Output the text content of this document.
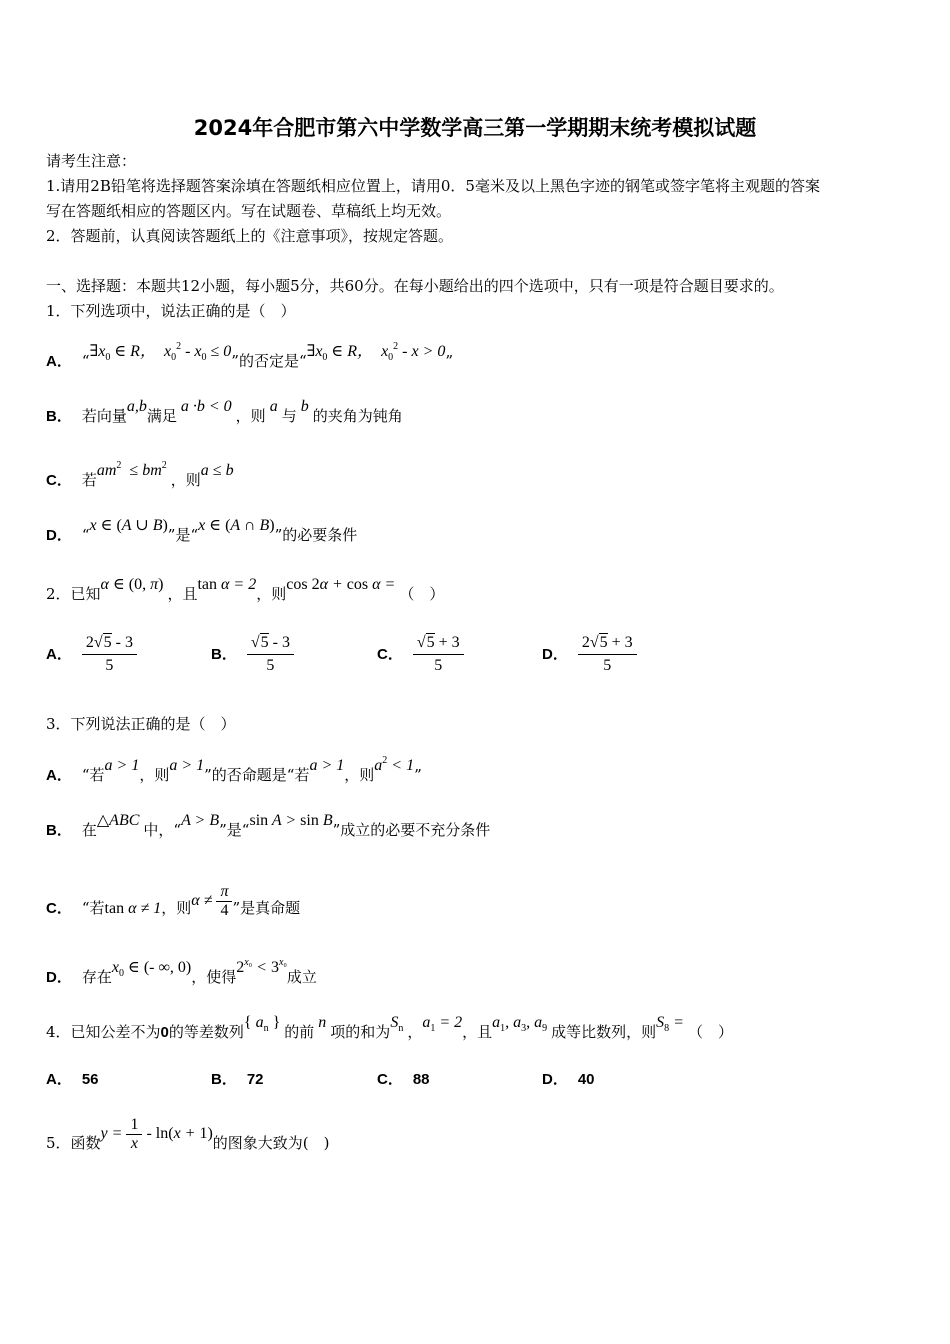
2024年合肥市第六中学数学高三第一学期期末统考模拟试题
请考生注意：
1.请用2B铅笔将选择题答案涂填在答题纸相应位置上，请用0．5毫米及以上黑色字迹的钢笔或签字笔将主观题的答案
写在答题纸相应的答题区内。写在试题卷、草稿纸上均无效。
2．答题前，认真阅读答题纸上的《注意事项》，按规定答题。
一、选择题：本题共12小题，每小题5分，共60分。在每小题给出的四个选项中，只有一项是符合题目要求的。
1．下列选项中，说法正确的是（　）
A． “$\exists x_0$ ∈ R，  $x_0^2 - x_0 \le 0$”的否定是“$\exists x_0$ ∈ R，  $x_0^2 - x > 0$”
B． 若向量a,b满足 a ·b < 0 ，则 a 与 b 的夹角为钝角
C． 若$am^2 \le bm^2$ ，则a ≤ b
D． “x ∈ (A ∪ B)”是“x ∈ (A ∩ B)”的必要条件
2．已知α ∈ (0, π) ，且tan α = 2，则cos 2α + cos α = （　）
A． $\frac{2√5 - 3}{5}$	B． $\frac{√5 - 3}{5}$	C． $\frac{√5 + 3}{5}$	D． $\frac{2√5 + 3}{5}$
3．下列说法正确的是（　）
A． “若a > 1，则a > 1”的否命题是“若a > 1，则$a^2 < 1$”
B． 在△ABC 中，“A > B”是“sin A > sin B”成立的必要不充分条件
C． “若tan α ≠ 1，则$\alpha \ne \frac{\pi}{4}$ ”是真命题
D． 存在$x_0$ ∈ (- ∞, 0)，使得$2^{x_0} < 3^{x_0}$成立
4．已知公差不为0的等差数列{ $a_n$ } 的前 n 项的和为$S_n$ ，$a_1 = 2$，且$a_1$, $a_3$, $a_9$ 成等比数列，则$S_8$ = （　）
A． 56	B． 72	C． 88	D． 40
5．函数$y = \frac{1}{x} - \ln(x + 1)$的图象大致为(　)
